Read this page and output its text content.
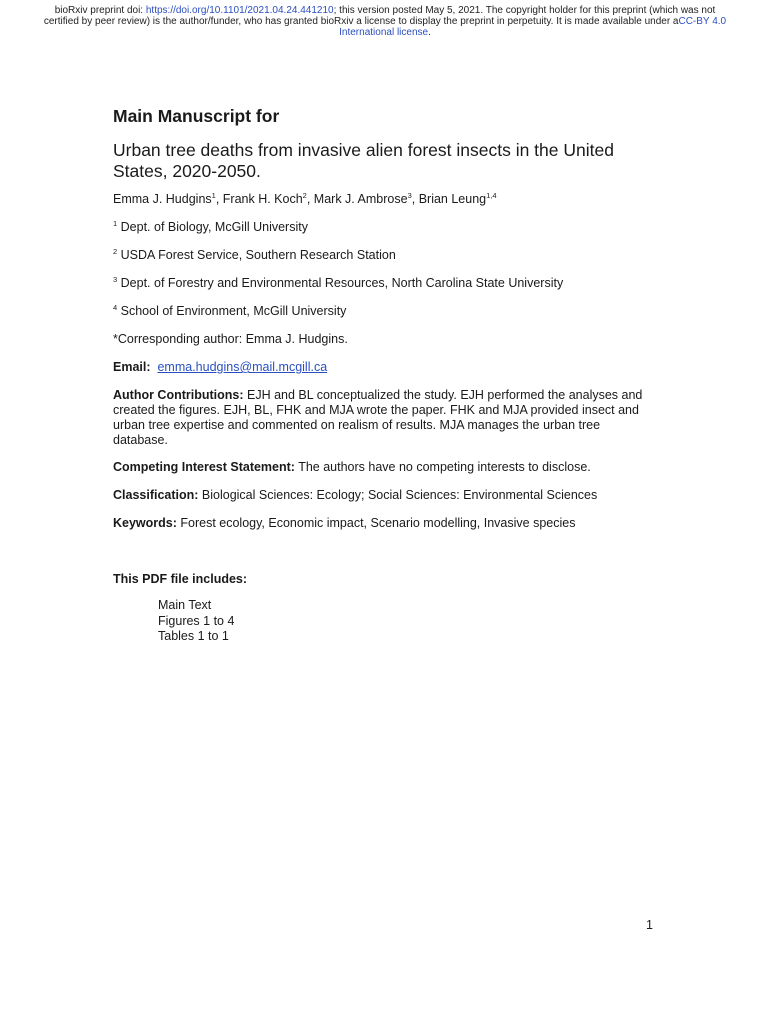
bioRxiv preprint doi: https://doi.org/10.1101/2021.04.24.441210; this version posted May 5, 2021. The copyright holder for this preprint (which was not certified by peer review) is the author/funder, who has granted bioRxiv a license to display the preprint in perpetuity. It is made available under aCC-BY 4.0 International license.
Main Manuscript for
Urban tree deaths from invasive alien forest insects in the United States, 2020-2050.
Emma J. Hudgins$^1$, Frank H. Koch$^2$, Mark J. Ambrose$^3$, Brian Leung$^{1,4}$
$^1$ Dept. of Biology, McGill University
$^2$ USDA Forest Service, Southern Research Station
$^3$ Dept. of Forestry and Environmental Resources, North Carolina State University
$^4$ School of Environment, McGill University
*Corresponding author: Emma J. Hudgins.
Email: emma.hudgins@mail.mcgill.ca
Author Contributions: EJH and BL conceptualized the study. EJH performed the analyses and created the figures. EJH, BL, FHK and MJA wrote the paper. FHK and MJA provided insect and urban tree expertise and commented on realism of results. MJA manages the urban tree database.
Competing Interest Statement: The authors have no competing interests to disclose.
Classification: Biological Sciences: Ecology; Social Sciences: Environmental Sciences
Keywords: Forest ecology, Economic impact, Scenario modelling, Invasive species
This PDF file includes:
Main Text
Figures 1 to 4
Tables 1 to 1
1
